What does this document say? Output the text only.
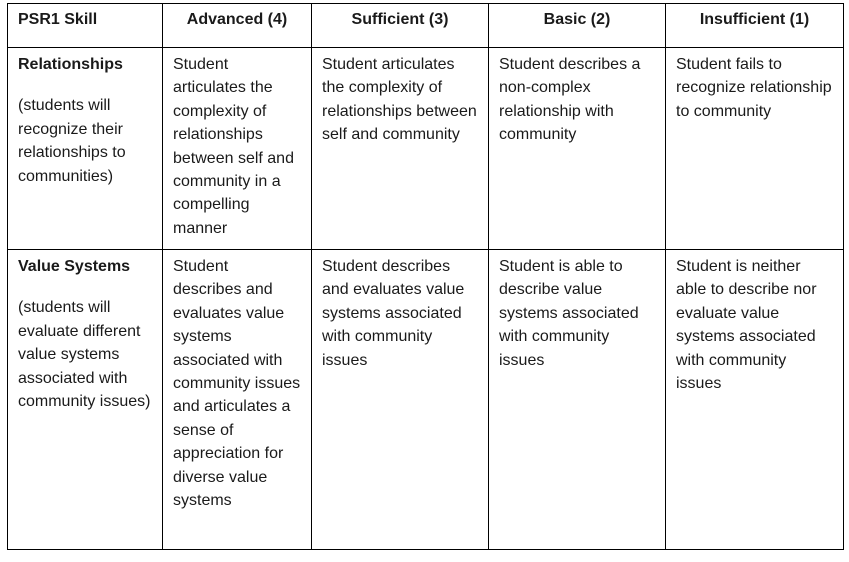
PSR1 Skill	Advanced (4)	Sufficient (3)	Basic (2)	Insufficient (1)

Relationships
(students will recognize their relationships to communities)	Student articulates the complexity of relationships between self and community in a compelling manner	Student articulates the complexity of relationships between self and community	Student describes a non-complex relationship with community	Student fails to recognize relationship to community

Value Systems
(students will evaluate different value systems associated with community issues)	Student describes and evaluates value systems associated with community issues and articulates a sense of appreciation for diverse value systems	Student describes and evaluates value systems associated with community issues	Student is able to describe value systems associated with community issues	Student is neither able to describe nor evaluate value systems associated with community issues
